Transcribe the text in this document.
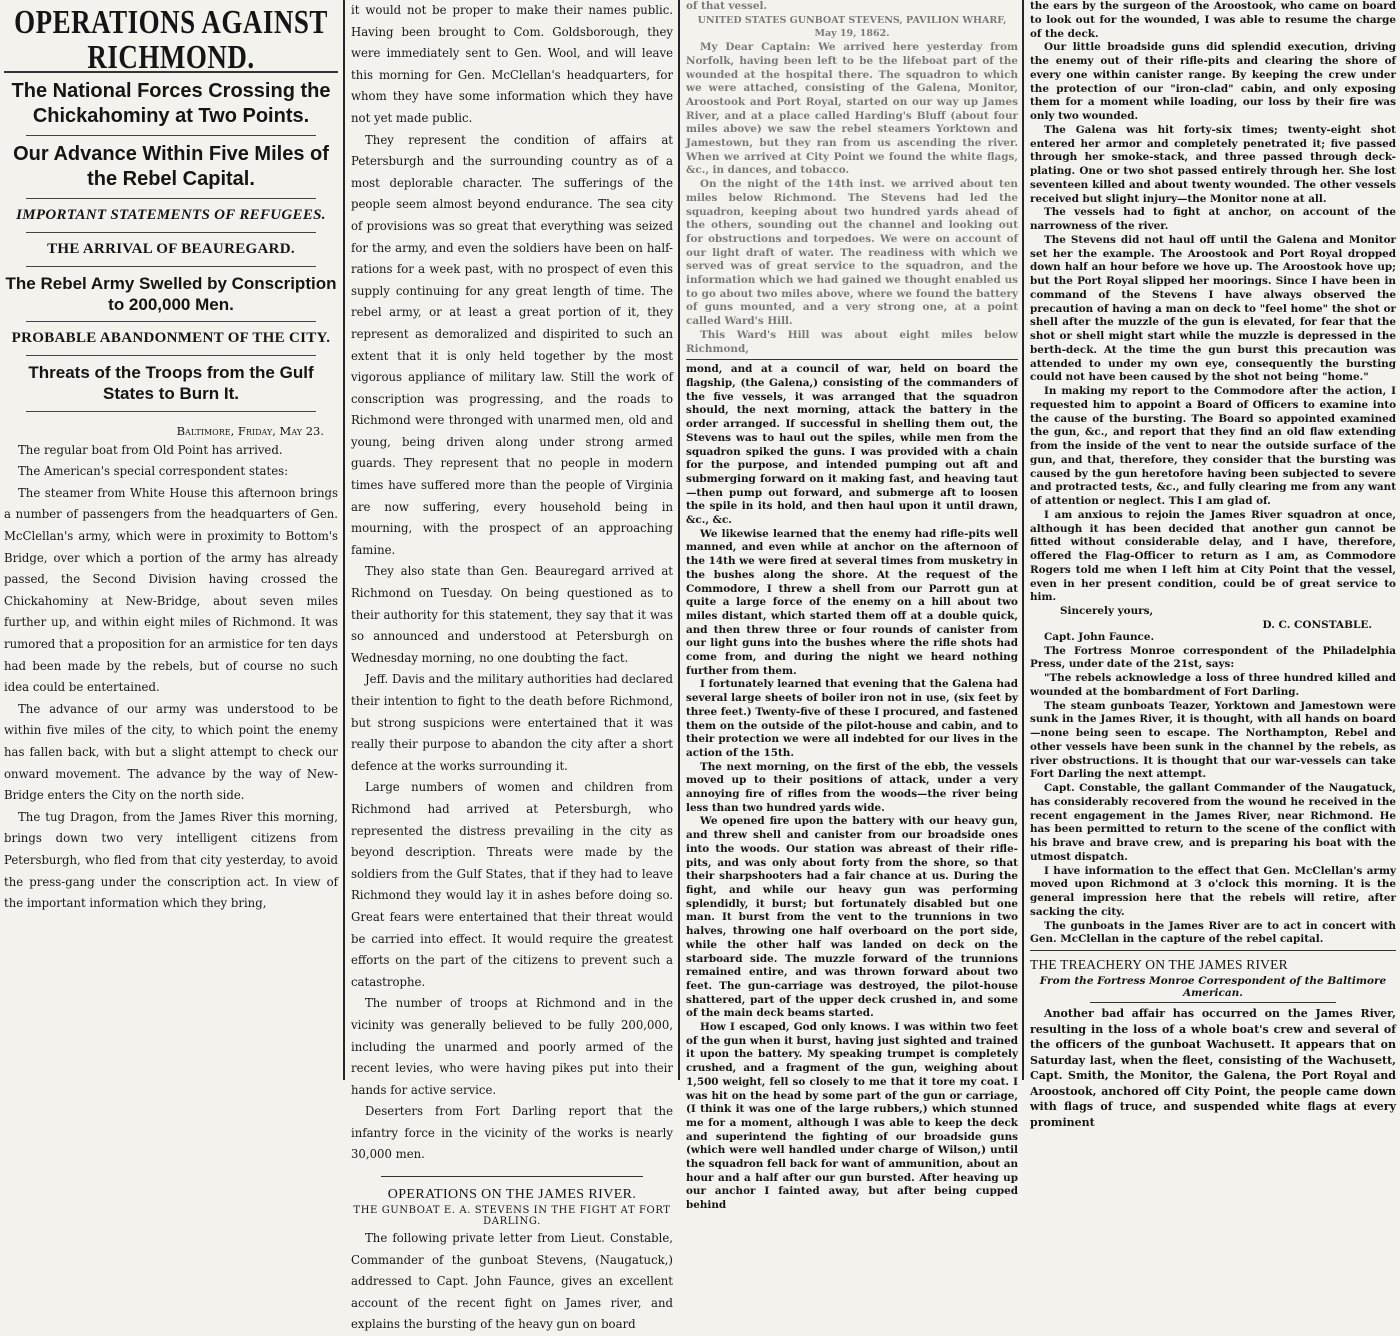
OPERATIONS AGAINST RICHMOND.
The National Forces Crossing the Chickahominy at Two Points.
Our Advance Within Five Miles of the Rebel Capital.
IMPORTANT STATEMENTS OF REFUGEES.
THE ARRIVAL OF BEAUREGARD.
The Rebel Army Swelled by Conscription to 200,000 Men.
PROBABLE ABANDONMENT OF THE CITY.
Threats of the Troops from the Gulf States to Burn It.
Baltimore, Friday, May 23.

The regular boat from Old Point has arrived.

The American's special correspondent states:

The steamer from White House this afternoon brings a number of passengers from the headquarters of Gen. McClellan's army, which were in proximity to Bottom's Bridge, over which a portion of the army has already passed, the Second Division having crossed the Chickahominy at New-Bridge, about seven miles further up, and within eight miles of Richmond. It was rumored that a proposition for an armistice for ten days had been made by the rebels, but of course no such idea could be entertained.

The advance of our army was understood to be within five miles of the city, to which point the enemy has fallen back, with but a slight attempt to check our onward movement. The advance by the way of New-Bridge enters the City on the north side.

The tug Dragon, from the James River this morning, brings down two very intelligent citizens from Petersburgh, who fled from that city yesterday, to avoid the press-gang under the conscription act. In view of the important information which they bring,

it would not be proper to make their names public. Having been brought to Com. Goldsborough, they were immediately sent to Gen. Wool, and will leave this morning for Gen. McClellan's headquarters, for whom they have some information which they have not yet made public.

They represent the condition of affairs at Petersburgh and the surrounding country as of a most deplorable character. The sufferings of the people seem almost beyond endurance. The sea city of provisions was so great that everything was seized for the army, and even the soldiers have been on half-rations for a week past, with no prospect of even this supply continuing for any great length of time. The rebel army, or at least a great portion of it, they represent as demoralized and dispirited to such an extent that it is only held together by the most vigorous appliance of military law. Still the work of conscription was progressing, and the roads to Richmond were thronged with unarmed men, old and young, being driven along under strong armed guards. They represent that no people in modern times have suffered more than the people of Virginia are now suffering, every household being in mourning, with the prospect of an approaching famine.

They also state than Gen. Beauregard arrived at Richmond on Tuesday. On being questioned as to their authority for this statement, they say that it was so announced and understood at Petersburgh on Wednesday morning, no one doubting the fact.

Jeff. Davis and the military authorities had declared their intention to fight to the death before Richmond, but strong suspicions were entertained that it was really their purpose to abandon the city after a short defence at the works surrounding it.

Large numbers of women and children from Richmond had arrived at Petersburgh, who represented the distress prevailing in the city as beyond description. Threats were made by the soldiers from the Gulf States, that if they had to leave Richmond they would lay it in ashes before doing so. Great fears were entertained that their threat would be carried into effect. It would require the greatest efforts on the part of the citizens to prevent such a catastrophe.

The number of troops at Richmond and in the vicinity was generally believed to be fully 200,000, including the unarmed and poorly armed of the recent levies, who were having pikes put into their hands for active service.

Deserters from Fort Darling report that the infantry force in the vicinity of the works is nearly 30,000 men.

OPERATIONS ON THE JAMES RIVER.
THE GUNBOAT E. A. STEVENS IN THE FIGHT AT FORT DARLING.

The following private letter from Lieut. Constable, Commander of the gunboat Stevens, (Naugatuck,) addressed to Capt. John Faunce, gives an excellent account of the recent fight on James river, and explains the bursting of the heavy gun on board

of that vessel.

UNITED STATES GUNBOAT STEVENS, PAVILION WHARF, May 19, 1862.

My Dear Captain: We arrived here yesterday from Norfolk, having been left to be the lifeboat part of the wounded at the hospital there. The squadron to which we were attached, consisting of the Galena, Monitor, Aroostook and Port Royal, started on our way up James River, and at a place called Harding's Bluff (about four miles above) we saw the rebel steamers Yorktown and Jamestown, but they ran from us ascending the river. When we arrived at City Point we found the white flags, &c., in dances, and tobacco.

On the night of the 14th inst. we arrived about ten miles below Richmond. The Stevens had led the squadron, keeping about two hundred yards ahead of the others, sounding out the channel and looking out for obstructions and torpedoes. We were on account of our light draft of water. The readiness with which we served was of great service to the squadron, and the information which we had gained we thought enabled us to go about two miles above, where we found the battery of guns mounted, and a very strong one, at a point called Ward's Hill.

This Ward's Hill was about eight miles below Richmond,

mond, and at a council of war, held on board the flagship, (the Galena,) consisting of the commanders of the five vessels, it was arranged that the squadron should, the next morning, attack the battery in the order arranged. If successful in shelling them out, the Stevens was to haul out the spiles, while men from the squadron spiked the guns. I was provided with a chain for the purpose, and intended pumping out aft and submerging forward on it making fast, and heaving taut—then pump out forward, and submerge aft to loosen the spile in its hold, and then haul upon it until drawn, &c., &c.

We likewise learned that the enemy had rifle-pits well manned, and even while at anchor on the afternoon of the 14th we were fired at several times from musketry in the bushes along the shore. At the request of the Commodore, I threw a shell from our Parrott gun at quite a large force of the enemy on a hill about two miles distant, which started them off at a double quick, and then threw three or four rounds of canister from our light guns into the bushes where the rifle shots had come from, and during the night we heard nothing further from them.

I fortunately learned that evening that the Galena had several large sheets of boiler iron not in use, (six feet by three feet.) Twenty-five of these I procured, and fastened them on the outside of the pilot-house and cabin, and to their protection we were all indebted for our lives in the action of the 15th.

The next morning, on the first of the ebb, the vessels moved up to their positions of attack, under a very annoying fire of rifles from the woods—the river being less than two hundred yards wide.

We opened fire upon the battery with our heavy gun, and threw shell and canister from our broadside ones into the woods. Our station was abreast of their rifle-pits, and was only about forty from the shore, so that their sharpshooters had a fair chance at us. During the fight, and while our heavy gun was performing splendidly, it burst; but fortunately disabled but one man. It burst from the vent to the trunnions in two halves, throwing one half overboard on the port side, while the other half was landed on deck on the starboard side. The muzzle forward of the trunnions remained entire, and was thrown forward about two feet. The gun-carriage was destroyed, the pilot-house shattered, part of the upper deck crushed in, and some of the main deck beams started.

How I escaped, God only knows. I was within two feet of the gun when it burst, having just sighted and trained it upon the battery. My speaking trumpet is completely crushed, and a fragment of the gun, weighing about 1,500 weight, fell so closely to me that it tore my coat. I was hit on the head by some part of the gun or carriage, (I think it was one of the large rubbers,) which stunned me for a moment, although I was able to keep the deck and superintend the fighting of our broadside guns (which were well handled under charge of Wilson,) until the squadron fell back for want of ammunition, about an hour and a half after our gun bursted. After heaving up our anchor I fainted away, but after being cupped behind

the ears by the surgeon of the Aroostook, who came on board to look out for the wounded, I was able to resume the charge of the deck.

Our little broadside guns did splendid execution, driving the enemy out of their rifle-pits and clearing the shore of every one within canister range. By keeping the crew under the protection of our "iron-clad" cabin, and only exposing them for a moment while loading, our loss by their fire was only two wounded.

The Galena was hit forty-six times; twenty-eight shot entered her armor and completely penetrated it; five passed through her smoke-stack, and three passed through deck-plating. One or two shot passed entirely through her. She lost seventeen killed and about twenty wounded. The other vessels received but slight injury—the Monitor none at all.

The vessels had to fight at anchor, on account of the narrowness of the river.

The Stevens did not haul off until the Galena and Monitor set her the example. The Aroostook and Port Royal dropped down half an hour before we hove up. The Aroostook hove up; but the Port Royal slipped her moorings. Since I have been in command of the Stevens I have always observed the precaution of having a man on deck to "feel home" the shot or shell after the muzzle of the gun is elevated, for fear that the shot or shell might start while the muzzle is depressed in the berth-deck. At the time the gun burst this precaution was attended to under my own eye, consequently the bursting could not have been caused by the shot not being "home."

In making my report to the Commodore after the action, I requested him to appoint a Board of Officers to examine into the cause of the bursting. The Board so appointed examined the gun, &c., and report that they find an old flaw extending from the inside of the vent to near the outside surface of the gun, and that, therefore, they consider that the bursting was caused by the gun heretofore having been subjected to severe and protracted tests, &c., and fully clearing me from any want of attention or neglect. This I am glad of.

I am anxious to rejoin the James River squadron at once, although it has been decided that another gun cannot be fitted without considerable delay, and I have, therefore, offered the Flag-Officer to return as I am, as Commodore Rogers told me when I left him at City Point that the vessel, even in her present condition, could be of great service to him.

Sincerely yours,

D. C. CONSTABLE.

Capt. John Faunce.

The Fortress Monroe correspondent of the Philadelphia Press, under date of the 21st, says:

"The rebels acknowledge a loss of three hundred killed and wounded at the bombardment of Fort Darling.

The steam gunboats Teazer, Yorktown and Jamestown were sunk in the James River, it is thought, with all hands on board—none being seen to escape. The Northampton, Rebel and other vessels have been sunk in the channel by the rebels, as river obstructions. It is thought that our war-vessels can take Fort Darling the next attempt.

Capt. Constable, the gallant Commander of the Naugatuck, has considerably recovered from the wound he received in the recent engagement in the James River, near Richmond. He has been permitted to return to the scene of the conflict with his brave and brave crew, and is preparing his boat with the utmost dispatch.

I have information to the effect that Gen. McClellan's army moved upon Richmond at 3 o'clock this morning. It is the general impression here that the rebels will retire, after sacking the city.

The gunboats in the James River are to act in concert with Gen. McClellan in the capture of the rebel capital.

THE TREACHERY ON THE JAMES RIVER
From the Fortress Monroe Correspondent of the Baltimore American.

Another bad affair has occurred on the James River, resulting in the loss of a whole boat's crew and several of the officers of the gunboat Wachusett. It appears that on Saturday last, when the fleet, consisting of the Wachusett, Capt. Smith, the Monitor, the Galena, the Port Royal and Aroostook, anchored off City Point, the people came down with flags of truce, and suspended white flags at every prominent
